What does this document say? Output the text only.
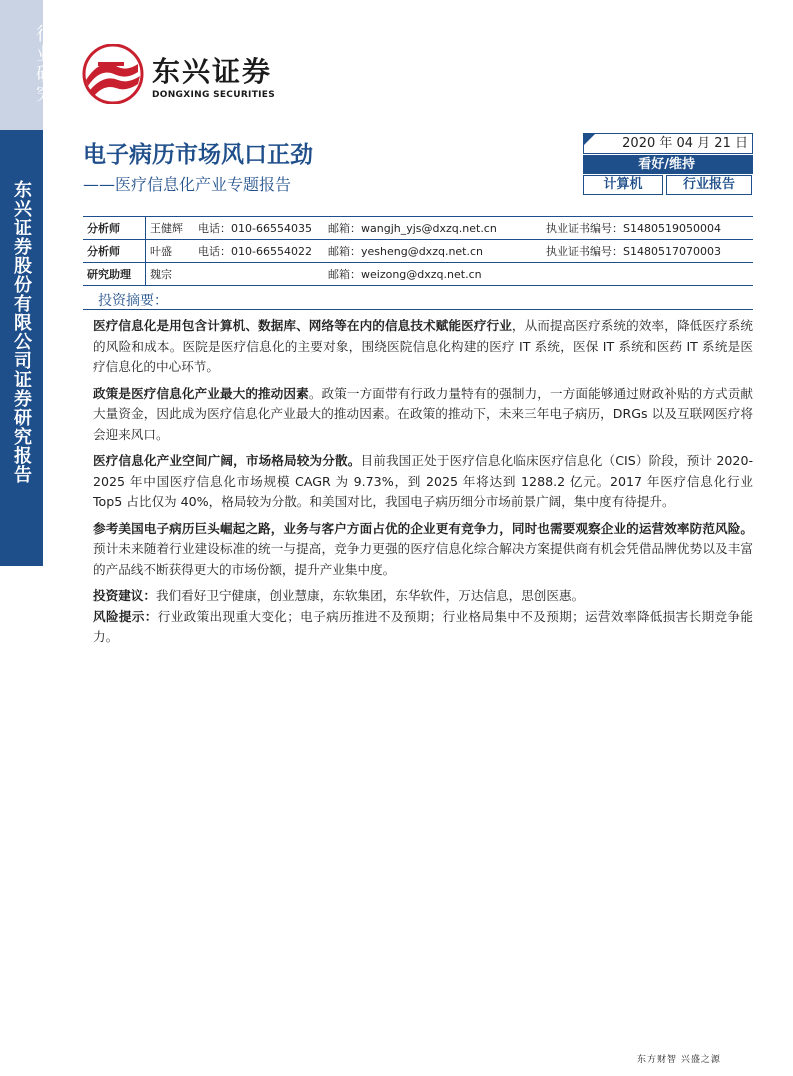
行业研究
东兴证券股份有限公司证券研究报告
东兴证券
DONGXING SECURITIES
电子病历市场风口正劲
——医疗信息化产业专题报告
2020 年 04 月 21 日
看好/维持
计算机	行业报告
分析师	王健辉	电话：010-66554035	邮箱：wangjh_yjs@dxzq.net.cn	执业证书编号：S1480519050004
分析师	叶盛	电话：010-66554022	邮箱：yesheng@dxzq.net.cn	执业证书编号：S1480517070003
研究助理	魏宗		邮箱：weizong@dxzq.net.cn	
投资摘要：

医疗信息化是用包含计算机、数据库、网络等在内的信息技术赋能医疗行业，从而提高医疗系统的效率，降低医疗系统的风险和成本。医院是医疗信息化的主要对象，围绕医院信息化构建的医疗 IT 系统，医保 IT 系统和医药 IT 系统是医疗信息化的中心环节。

政策是医疗信息化产业最大的推动因素。政策一方面带有行政力量特有的强制力，一方面能够通过财政补贴的方式贡献大量资金，因此成为医疗信息化产业最大的推动因素。在政策的推动下，未来三年电子病历，DRGs 以及互联网医疗将会迎来风口。

医疗信息化产业空间广阔，市场格局较为分散。目前我国正处于医疗信息化临床医疗信息化（CIS）阶段，预计 2020-2025 年中国医疗信息化市场规模 CAGR 为 9.73%，到 2025 年将达到 1288.2 亿元。2017 年医疗信息化行业 Top5 占比仅为 40%，格局较为分散。和美国对比，我国电子病历细分市场前景广阔，集中度有待提升。

参考美国电子病历巨头崛起之路，业务与客户方面占优的企业更有竞争力，同时也需要观察企业的运营效率防范风险。预计未来随着行业建设标准的统一与提高，竞争力更强的医疗信息化综合解决方案提供商有机会凭借品牌优势以及丰富的产品线不断获得更大的市场份额，提升产业集中度。

投资建议：我们看好卫宁健康，创业慧康，东软集团，东华软件，万达信息，思创医惠。

风险提示：行业政策出现重大变化；电子病历推进不及预期；行业格局集中不及预期；运营效率降低损害长期竞争能力。

东方财智 兴盛之源
